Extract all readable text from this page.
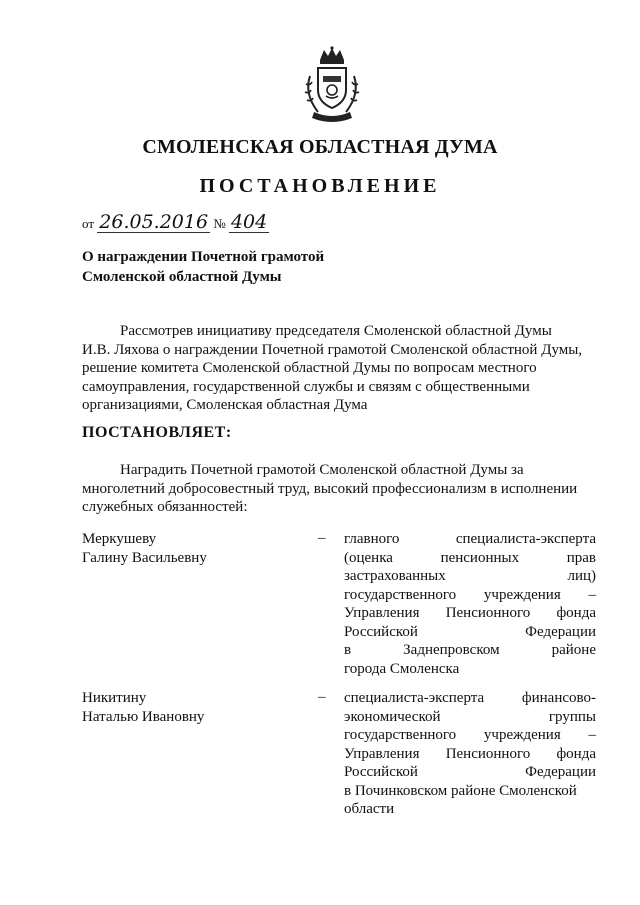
СМОЛЕНСКАЯ ОБЛАСТНАЯ ДУМА
ПОСТАНОВЛЕНИЕ
от 26.05.2016 № 404
О награждении Почетной грамотой
Смоленской областной Думы

Рассмотрев инициативу председателя Смоленской областной Думы

И.В. Ляхова о награждении Почетной грамотой Смоленской областной Думы,

решение комитета Смоленской областной Думы по вопросам местного

самоуправления, государственной службы и связям с общественными

организациями, Смоленская областная Дума

ПОСТАНОВЛЯЕТ:

Наградить Почетной грамотой Смоленской областной Думы за

многолетний добросовестный труд, высокий профессионализм в исполнении

служебных обязанностей:

Меркушеву
Галину Васильевну
– главного	специалиста-эксперта
(оценка	пенсионных	прав
застрахованных	лиц)
государственного учреждения –
Управления Пенсионного фонда
Российской	Федерации
в	Заднепровском	районе
города Смоленска
Никитину
Наталью Ивановну
– специалиста-эксперта	финансово-
экономической	группы
государственного учреждения –
Управления Пенсионного фонда
Российской	Федерации
в Починковском районе Смоленской
области
